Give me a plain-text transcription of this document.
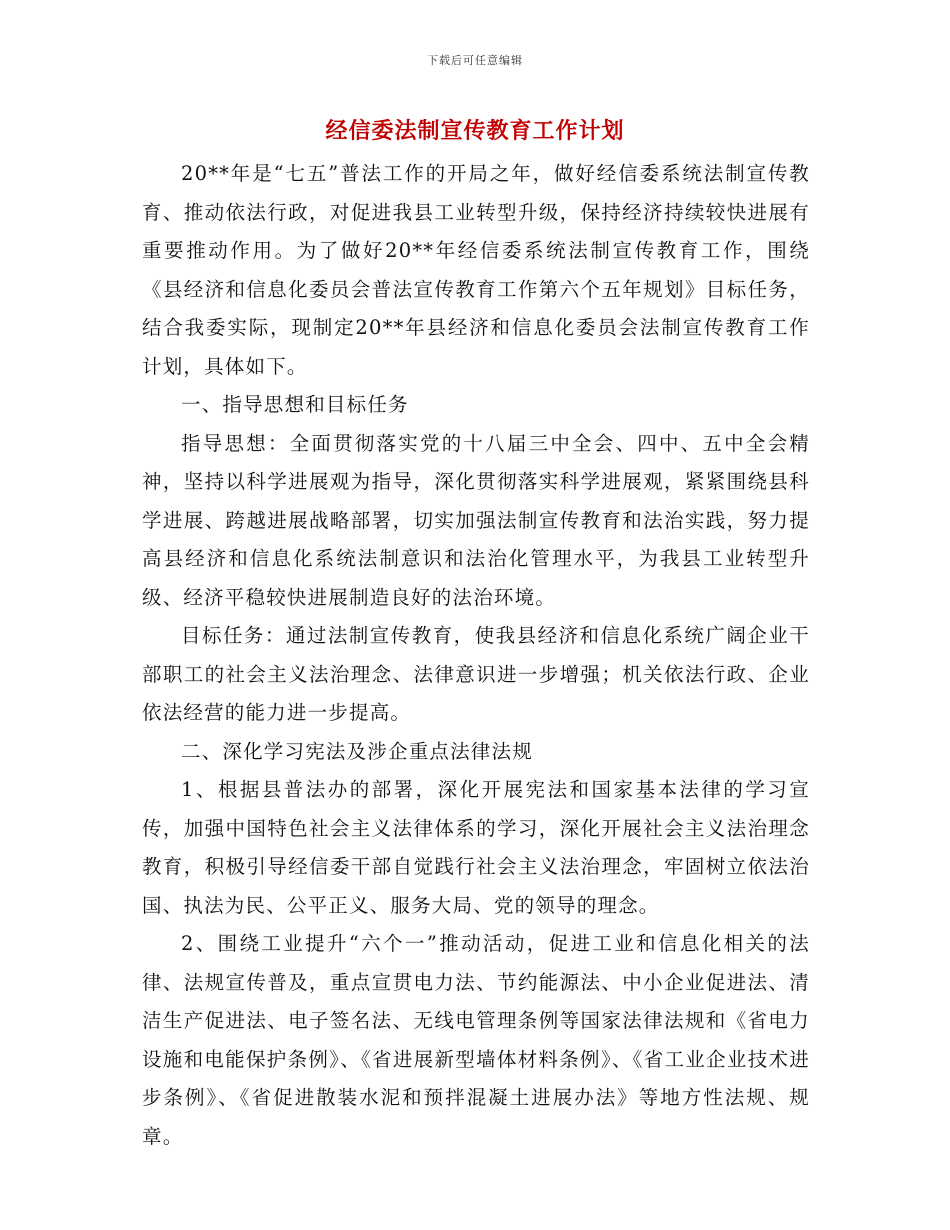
下载后可任意编辑
经信委法制宣传教育工作计划

20**年是“七五”普法工作的开局之年，做好经信委系统法制宣传教育、推动依法行政，对促进我县工业转型升级，保持经济持续较快进展有重要推动作用。为了做好20**年经信委系统法制宣传教育工作，围绕《县经济和信息化委员会普法宣传教育工作第六个五年规划》目标任务，结合我委实际，现制定20**年县经济和信息化委员会法制宣传教育工作计划，具体如下。

一、指导思想和目标任务

指导思想：全面贯彻落实党的十八届三中全会、四中、五中全会精神，坚持以科学进展观为指导，深化贯彻落实科学进展观，紧紧围绕县科学进展、跨越进展战略部署，切实加强法制宣传教育和法治实践，努力提高县经济和信息化系统法制意识和法治化管理水平，为我县工业转型升级、经济平稳较快进展制造良好的法治环境。

目标任务：通过法制宣传教育，使我县经济和信息化系统广阔企业干部职工的社会主义法治理念、法律意识进一步增强；机关依法行政、企业依法经营的能力进一步提高。

二、深化学习宪法及涉企重点法律法规

1、根据县普法办的部署，深化开展宪法和国家基本法律的学习宣传，加强中国特色社会主义法律体系的学习，深化开展社会主义法治理念教育，积极引导经信委干部自觉践行社会主义法治理念，牢固树立依法治国、执法为民、公平正义、服务大局、党的领导的理念。

2、围绕工业提升“六个一”推动活动，促进工业和信息化相关的法律、法规宣传普及，重点宣贯电力法、节约能源法、中小企业促进法、清洁生产促进法、电子签名法、无线电管理条例等国家法律法规和《省电力设施和电能保护条例》、《省进展新型墙体材料条例》、《省工业企业技术进步条例》、《省促进散装水泥和预拌混凝土进展办法》等地方性法规、规章。
